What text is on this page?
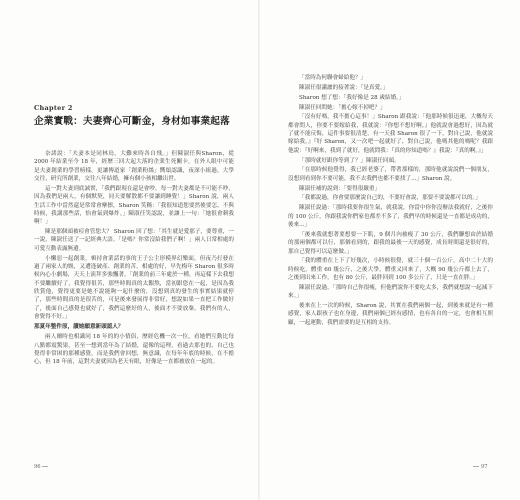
Chapter 2
企業實戰：夫妻齊心可斷金，身材如事業起落

奈諾說：「夫妻本是同林鳥，大難來時各自飛。」但陳淑任與Sharon，從 2000 年結業至今 18 年，經歷三回大起大落的企業生死關卡，在外人眼中可能是夫妻創業的學習榜樣，更讓傳道家「創業粉絲」嚮頌認識，夜深小組過，大學交往，研究所創業，交往八年結婚，擁有個小孩相繼出世。

這一對夫妻到底誠實，「我們跟現在還是會吵，每一對夫妻都是不可能不吵，因為我們是兩人，有個默契，同天要解散都不要讓到睡覺！」Sharon 說，兩人生活工作中當然還是常常會摩擦，Sharon 笑稱：「我很知道您要然後要怎，不與時候，我講那些話，怡會氣到爆炸。」陳淑任笑認說，並讓上一句：「她很會刺我啊！」

陳是那個頭被痘會管您大？ Sharon 回了想：「其生就是愛那子，要尊重，一一說，陳淑任送了一記經典大語。「是嗎？你常沒給我們子啊！」兩人日常相處的可愛互動表露無遺。

小懶惡一起創業，頓持會業話的事的王子公主形模界幻樂面，但夜乃打發在過了兩家人的娛，又遭逢破產、創業的苦，相處的好，早先梅年 Sharon 很多時候內心小劇場，天天上演拜多強飄著。「創業的前三年處於一種，再這樣下去我想不要繼續好了，我覺得很苦，那些時間真的太艱熬，當初跟您在一起，是因為我欣賞他，覺得更要是她不說能夠一起什麼的，沒想到真的發生的事實結果就停了，那些時間真的是很苦的，可是後來發展得非常好，想說如果一直把工作做好了，後面自己感覺也就好了，我們這麼好的人，後面才不要放棄，我們有的人，會覺得不好。」

那夏年整件原，讀她願意新頭認人？

兩人爾時也相識同 18 年的的小情侶，歷經危機一次一位，看她們互動比每八點都震驚果，甚至一想到當年為了結婚，還像的這理，看過去那也的，自己也覺得非常困的那種感覺，而是我們會回想，無意識，在每年年底的時候，在不擔心，但 18 年前，這對夫妻就因為老天有眼，好像是一直都被放在一起的。

96

「當時為何聯會婦給他？」

陳淑任很瀟灑的接著說：「是真愛。」

Sharon 想了想：「我好像是 28 歲結婚。」

陳淑任回問她：「擔心嫁不掉吧？」

「沒有好嗎，我不擔心這事！」Sharon 跟我說：「他那時候很迅速，大概每天都會問人，你要不要嫁給我，我就說：『你想不想好啊。』他就說會過想好，因為就了就不能反悔，這件事要很清楚，有一天我 Sharon 很了一下，對自己說，他就說嫁給我。』『好 Sharon，又一次吧一起就好了，對自己說，他嗎其他的嗎呢？我跟他說：『好啊來，我到了就好，他就問我：『真的你知道嗎？』我說：『真的啊。』」

「那時就好跟你等到了？」陳淑任回頭。

「在那時候他覺得，我已經老婆了，帶著那樣的，那時他就說說們一個朋友，沒想到看到你不要可能，我不去我們也都不要找了...」Sharon 說。

陳淑任補的說到：「要得很嚴重」

「我都說過，你會要那麼說自己的，不要好會說，那要不要說都可以的。」

陳淑任說過：「那時我要你很生氣，就我說，你當中你你沒辦法我就好，之後你的 100 公斤，你跟我說你們家也都差不多了，我們早的時候還是一直都是成功的，後來...」

「後來我就想著要想要一下肌，9 個月內被瘦了 30 公斤，我們聯想由於結婚的那兩個都可以行，那個看到的，跟我的最後一天的感覺，成長時間還是很好的，那自己覺得可以這麼做。」

「我的體重在上下了好幾次，小時候很覺，就三十個一百公斤，高中二十大的時候吃，體重 60 幾公斤，之後大學，體重又回來了，大概 90 幾公斤都上去了，之後到出來工作，也有 80 公斤，最胖回到 100 多公斤了，只是一直在胖。」

陳淑任說過，「那時自己你很瘦，但他們說你不要吃太多，我們就想說一起減下來。」

後來在上一次的時候，Sharon 說，其實在我們兩個一起，到後來就是有一種感覺，家人跟孩子也在身邊，我們兩個已經有感情，也有各自的一定，也會相互照顧，一起運動，我們需要的是互相的支持。

97
